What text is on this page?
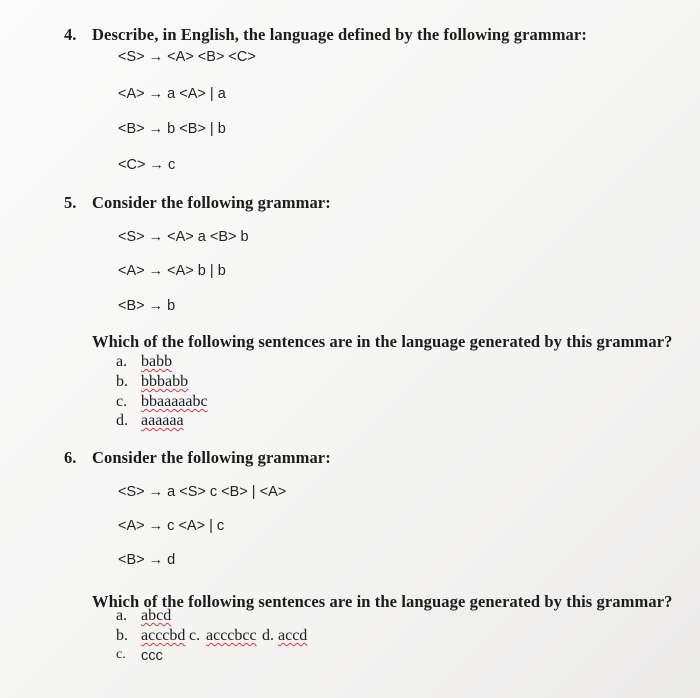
4. Describe, in English, the language defined by the following grammar:
<S> → <A> <B> <C>
<A> → a <A> | a
<B> → b <B> | b
<C> → c
5. Consider the following grammar:
<S> → <A> a <B> b
<A> → <A> b | b
<B> → b
Which of the following sentences are in the language generated by this grammar?
a. babb
b. bbbabb
c. bbaaaaabc
d. aaaaaa
6. Consider the following grammar:
<S> → a <S> c <B> | <A>
<A> → c <A> | c
<B> → d
Which of the following sentences are in the language generated by this grammar?
a. abcd
b. acccbd c. acccbcc d. accd
c. ccc
